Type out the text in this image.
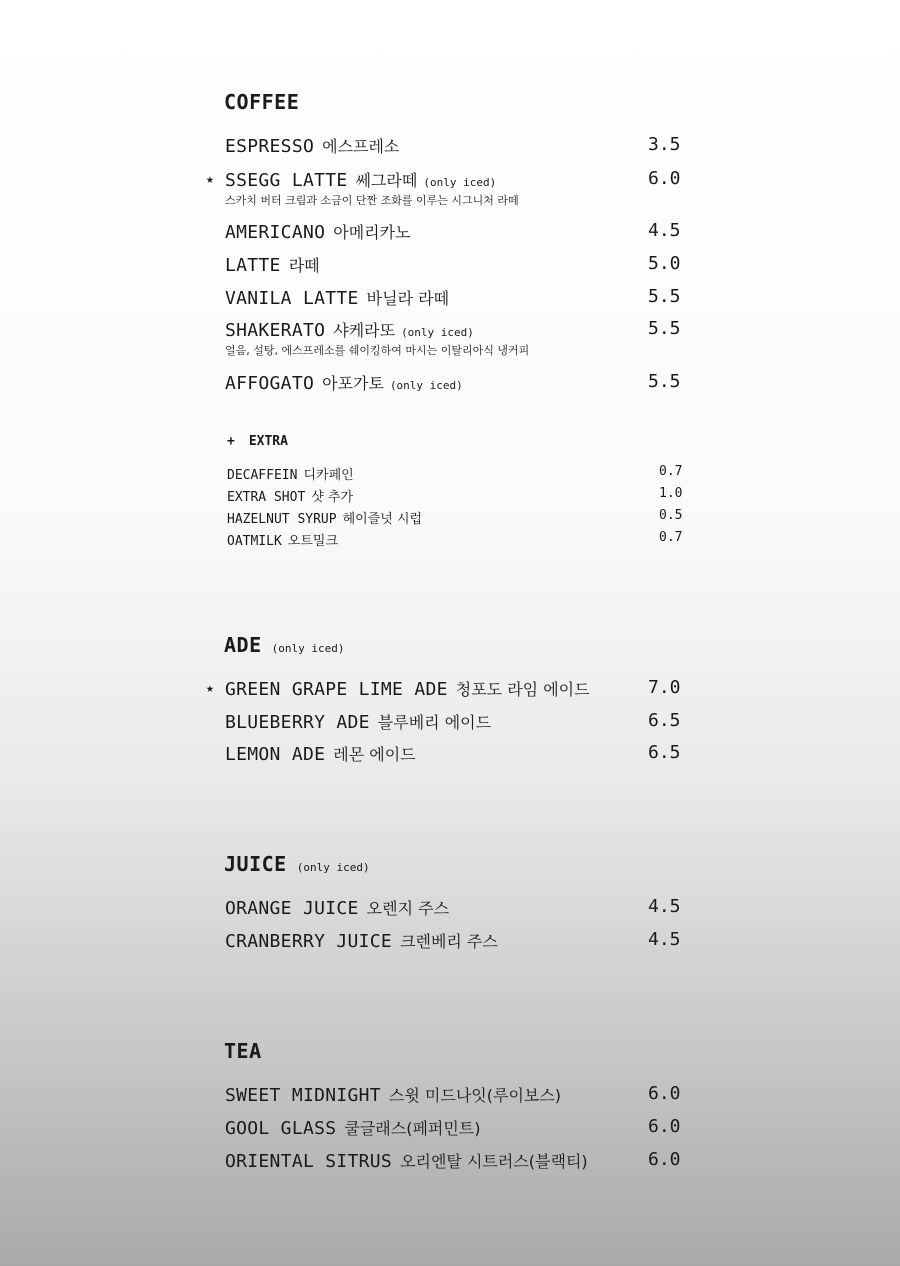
COFFEE
ESPRESSO 에스프레소	3.5
★ SSEGG LATTE 쎄그라떼 (only iced)	6.0
스카치 버터 크림과 소금이 단짠 조화를 이루는 시그니처 라떼
AMERICANO 아메리카노	4.5
LATTE 라떼	5.0
VANILA LATTE 바닐라 라떼	5.5
SHAKERATO 샤케라또 (only iced)	5.5
얼음, 설탕, 에스프레소를 쉐이킹하여 마시는 이탈리아식 냉커피
AFFOGATO 아포가토 (only iced)	5.5
+ EXTRA
DECAFFEIN 디카페인	0.7
EXTRA SHOT 샷 추가	1.0
HAZELNUT SYRUP 헤이즐넛 시럽	0.5
OATMILK 오트밀크	0.7
ADE (only iced)
★ GREEN GRAPE LIME ADE 청포도 라임 에이드	7.0
BLUEBERRY ADE 블루베리 에이드	6.5
LEMON ADE 레몬 에이드	6.5
JUICE (only iced)
ORANGE JUICE 오렌지 주스	4.5
CRANBERRY JUICE 크렌베리 주스	4.5
TEA
SWEET MIDNIGHT 스윗 미드나잇(루이보스)	6.0
GOOL GLASS 쿨글래스(페퍼민트)	6.0
ORIENTAL SITRUS 오리엔탈 시트러스(블랙티)	6.0
